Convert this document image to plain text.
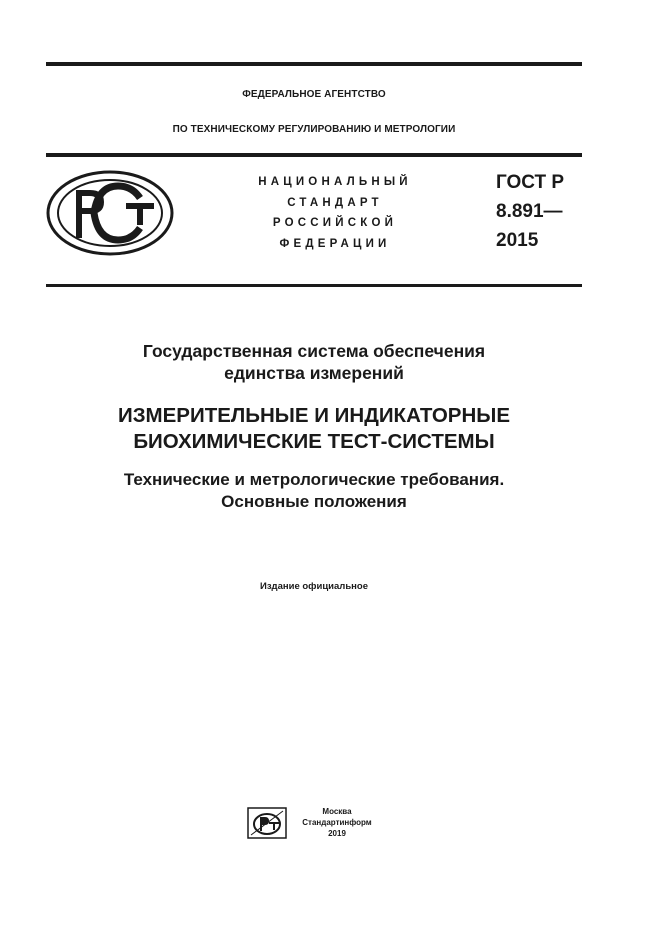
ФЕДЕРАЛЬНОЕ АГЕНТСТВО
ПО ТЕХНИЧЕСКОМУ РЕГУЛИРОВАНИЮ И МЕТРОЛОГИИ
НАЦИОНАЛЬНЫЙ
СТАНДАРТ
РОССИЙСКОЙ
ФЕДЕРАЦИИ
ГОСТ Р
8.891—
2015
Государственная система обеспечения
единства измерений
ИЗМЕРИТЕЛЬНЫЕ И ИНДИКАТОРНЫЕ
БИОХИМИЧЕСКИЕ ТЕСТ-СИСТЕМЫ
Технические и метрологические требования.
Основные положения
Издание официальное
Москва
Стандартинформ
2019
